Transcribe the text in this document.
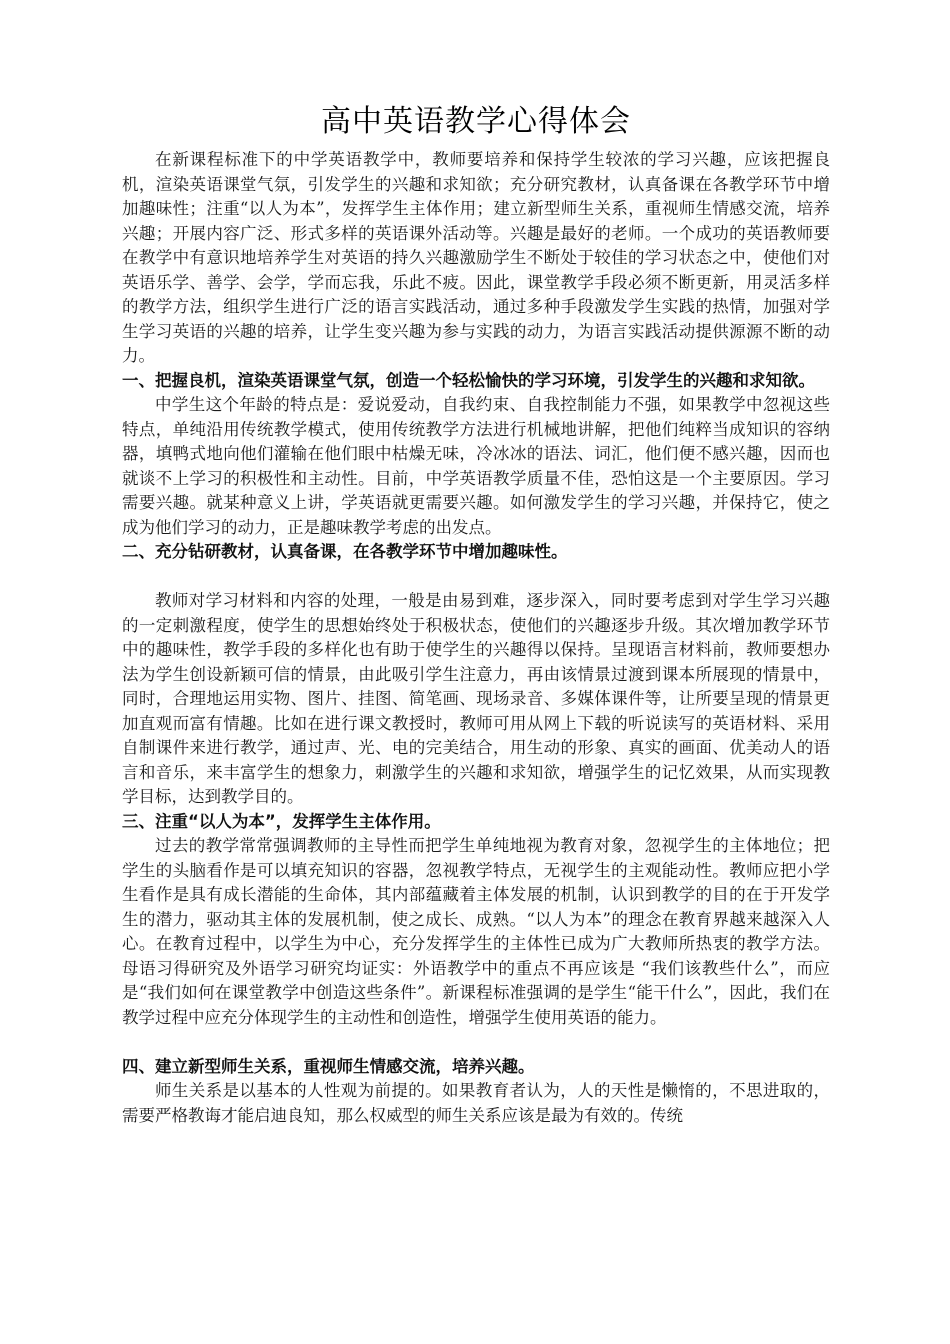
高中英语教学心得体会

在新课程标准下的中学英语教学中，教师要培养和保持学生较浓的学习兴趣，应该把握良机，渲染英语课堂气氛，引发学生的兴趣和求知欲；充分研究教材，认真备课在各教学环节中增加趣味性；注重“以人为本”，发挥学生主体作用；建立新型师生关系，重视师生情感交流，培养兴趣；开展内容广泛、形式多样的英语课外活动等。兴趣是最好的老师。一个成功的英语教师要在教学中有意识地培养学生对英语的持久兴趣激励学生不断处于较佳的学习状态之中，使他们对英语乐学、善学、会学，学而忘我，乐此不疲。因此，课堂教学手段必须不断更新，用灵活多样的教学方法，组织学生进行广泛的语言实践活动，通过多种手段激发学生实践的热情，加强对学生学习英语的兴趣的培养，让学生变兴趣为参与实践的动力，为语言实践活动提供源源不断的动力。

一、把握良机，渲染英语课堂气氛，创造一个轻松愉快的学习环境，引发学生的兴趣和求知欲。

中学生这个年龄的特点是：爱说爱动，自我约束、自我控制能力不强，如果教学中忽视这些特点，单纯沿用传统教学模式，使用传统教学方法进行机械地讲解，把他们纯粹当成知识的容纳器，填鸭式地向他们灌输在他们眼中枯燥无味，冷冰冰的语法、词汇，他们便不感兴趣，因而也就谈不上学习的积极性和主动性。目前，中学英语教学质量不佳，恐怕这是一个主要原因。学习需要兴趣。就某种意义上讲，学英语就更需要兴趣。如何激发学生的学习兴趣，并保持它，使之成为他们学习的动力，正是趣味教学考虑的出发点。

二、充分钻研教材，认真备课，在各教学环节中增加趣味性。

教师对学习材料和内容的处理，一般是由易到难，逐步深入，同时要考虑到对学生学习兴趣的一定刺激程度，使学生的思想始终处于积极状态，使他们的兴趣逐步升级。其次增加教学环节中的趣味性，教学手段的多样化也有助于使学生的兴趣得以保持。呈现语言材料前，教师要想办法为学生创设新颖可信的情景，由此吸引学生注意力，再由该情景过渡到课本所展现的情景中，同时，合理地运用实物、图片、挂图、简笔画、现场录音、多媒体课件等，让所要呈现的情景更加直观而富有情趣。比如在进行课文教授时，教师可用从网上下载的听说读写的英语材料、采用自制课件来进行教学，通过声、光、电的完美结合，用生动的形象、真实的画面、优美动人的语言和音乐，来丰富学生的想象力，刺激学生的兴趣和求知欲，增强学生的记忆效果，从而实现教学目标，达到教学目的。

三、注重“以人为本”，发挥学生主体作用。

过去的教学常常强调教师的主导性而把学生单纯地视为教育对象，忽视学生的主体地位；把学生的头脑看作是可以填充知识的容器，忽视教学特点，无视学生的主观能动性。教师应把小学生看作是具有成长潜能的生命体，其内部蕴藏着主体发展的机制，认识到教学的目的在于开发学生的潜力，驱动其主体的发展机制，使之成长、成熟。“以人为本”的理念在教育界越来越深入人心。在教育过程中，以学生为中心，充分发挥学生的主体性已成为广大教师所热衷的教学方法。母语习得研究及外语学习研究均证实：外语教学中的重点不再应该是 “我们该教些什么”，而应是“我们如何在课堂教学中创造这些条件”。新课程标准强调的是学生“能干什么”，因此，我们在教学过程中应充分体现学生的主动性和创造性，增强学生使用英语的能力。

四、建立新型师生关系，重视师生情感交流，培养兴趣。

师生关系是以基本的人性观为前提的。如果教育者认为，人的天性是懒惰的，不思进取的，需要严格教诲才能启迪良知，那么权威型的师生关系应该是最为有效的。传统
